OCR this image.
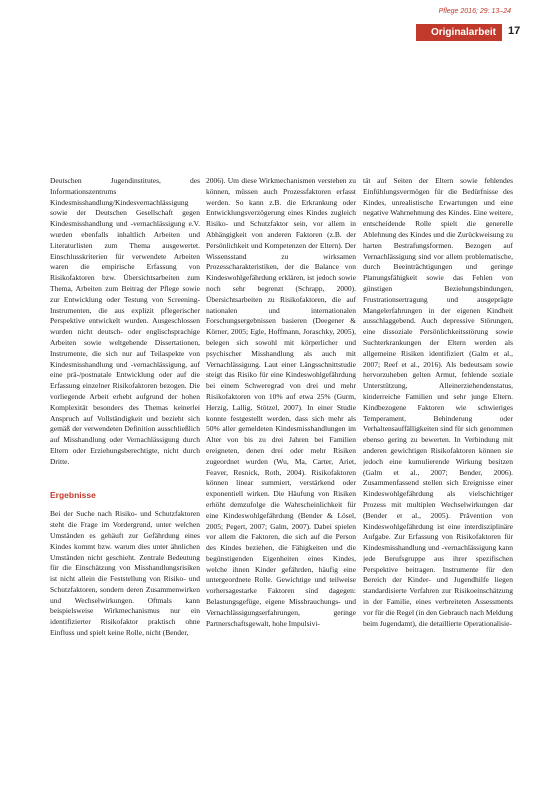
Pflege 2016; 29: 13–24
Originalarbeit 17

Deutschen Jugendinstitutes, des Informationszentrums Kindesmisshandlung/Kindesvernachlässigung sowie der Deutschen Gesellschaft gegen Kindesmisshandlung und -vernachlässigung e.V. wurden ebenfalls inhaltlich Arbeiten und Literaturlisten zum Thema ausgewertet. Einschlusskriterien für verwendete Arbeiten waren die empirische Erfassung von Risikofaktoren bzw. Übersichtsarbeiten zum Thema, Arbeiten zum Beitrag der Pflege sowie zur Entwicklung oder Testung von Screening-Instrumenten, die aus explizit pflegerischer Perspektive entwickelt wurden. Ausgeschlossen wurden nicht deutsch- oder englischsprachige Arbeiten sowie weltgehende Dissertationen, Instrumente, die sich nur auf Teilaspekte von Kindesmisshandlung und -vernachlässigung, auf eine prä-/postnatale Entwicklung oder auf die Erfassung einzelner Risikofaktoren bezogen. Die vorliegende Arbeit erhebt aufgrund der hohen Komplexität besonders des Themas keinerlei Anspruch auf Vollständigkeit und bezieht sich gemäß der verwendeten Definition ausschließlich auf Misshandlung oder Vernachlässigung durch Eltern oder Erziehungsberechtigte, nicht durch Dritte.

Ergebnisse

Bei der Suche nach Risiko- und Schutzfaktoren steht die Frage im Vordergrund, unter welchen Umständen es gehäuft zur Gefährdung eines Kindes kommt bzw. warum dies unter ähnlichen Umständen nicht geschieht. Zentrale Bedeutung für die Einschätzung von Misshandlungsrisiken ist nicht allein die Feststellung von Risiko- und Schutzfaktoren, sondern deren Zusammenwirken und Wechselwirkungen. Oftmals kann beispielsweise Wirkmechanismus nur ein identifizierter Risikofaktor praktisch ohne Einfluss und spielt keine Rolle, nicht (Bender,

2006). Um diese Wirkmechanismen verstehen zu können, müssen auch Prozessfaktoren erfasst werden. So kann z.B. die Erkrankung oder Entwicklungsverzögerung eines Kindes zugleich Risiko- und Schutzfaktor sein, vor allem in Abhängigkeit von anderen Faktoren (z.B. der Persönlichkeit und Kompetenzen der Eltern). Der Wissensstand zu wirksamen Prozesscharakteristiken, der die Balance von Kindeswohlgefährdung erklären, ist jedoch sowie noch sehr begrenzt (Schrapp, 2000). Übersichtsarbeiten zu Risikofaktoren, die auf nationalen und internationalen Forschungsergebnissen basieren (Deegener & Körner, 2005; Egle, Hoffmann, Joraschky, 2005), belegen sich sowohl mit körperlicher und psychischer Misshandlung als auch mit Vernachlässigung. Laut einer Längsschnittstudie steigt das Risiko für eine Kindeswohlgefährdung bei einem Schweregrad von drei und mehr Risikofaktoren von 10% auf etwa 25% (Gurm, Herzig, Lallig, Stötzel, 2007). In einer Studie konnte festgestellt werden, dass sich mehr als 50% aller gemeldeten Kindesmisshandlungen im Alter von bis zu drei Jahren bei Familien ereigneten, denen drei oder mehr Risiken zugeordnet wurden (Wu, Ma, Carter, Ariet, Feaver, Resnick, Roth, 2004). Risikofaktoren können linear summiert, verstärkend oder exponentiell wirken. Die Häufung von Risiken erhöht demzufolge die Wahrscheinlichkeit für eine Kindeswohlgefährdung (Bender & Lösel, 2005; Pegert, 2007; Galm, 2007). Dabei spielen vor allem die Faktoren, die sich auf die Person des Kindes beziehen, die Fähigkeiten und die begünstigenden Eigenheiten eines Kindes, welche ihnen Kinder gefährden, häufig eine untergeordnete Rolle. Gewichtige und teilweise vorhersagestarke Faktoren sind dagegen: Belastungsgefüge, eigene Missbrauchungs- und Vernachlässigungserfahrungen, geringe Partnerschaftsgewalt, hohe Impulsivi-

tät auf Seiten der Eltern sowie fehlendes Einfühlungsvermögen für die Bedürfnisse des Kindes, unrealistische Erwartungen und eine negative Wahrnehmung des Kindes. Eine weitere, entscheidende Rolle spielt die generelle Ablehnung des Kindes und die Zurückweisung zu harten Bestrafungsformen. Bezogen auf Vernachlässigung sind vor allem problematische, durch Beeinträchtigungen und geringe Planungsfähigkeit sowie das Fehlen von günstigen Beziehungsbindungen, Frustrationsertragung und ausgeprägte Mangelerfahrungen in der eigenen Kindheit ausschlaggebend. Auch depressive Störungen, eine dissoziale Persönlichkeitsstörung sowie Suchterkrankungen der Eltern werden als allgemeine Risiken identifiziert (Galm et al., 2007; Reef et al., 2016). Als bedeutsam sowie hervorzuheben gelten Armut, fehlende soziale Unterstützung, Alleinerziehendenstatus, kinderreiche Familien und sehr junge Eltern. Kindbezogene Faktoren wie schwieriges Temperament, Behinderung oder Verhaltensauffälligkeiten sind für sich genommen ebenso gering zu bewerten. In Verbindung mit anderen gewichtigen Risikofaktoren können sie jedoch eine kumulierende Wirkung besitzen (Galm et al., 2007; Bender, 2006). Zusammenfassend stellen sich Ereignisse einer Kindeswohlgefährdung als vielschichtiger Prozess mit multiplen Wechselwirkungen dar (Bender et al., 2005). Prävention von Kindeswohlgefährdung ist eine interdisziplinäre Aufgabe. Zur Erfassung von Risikofaktoren für Kindesmisshandlung und -vernachlässigung kann jede Berufsgruppe aus ihrer spezifischen Perspektive beitragen. Instrumente für den Bereich der Kinder- und Jugendhilfe liegen standardisierte Verfahren zur Risikoeinschätzung in der Familie, eines verbreiteten Assessments vor für die Regel (in den Gebrauch nach Meldung beim Jugendamt), die detaillierte Operationalisie-
